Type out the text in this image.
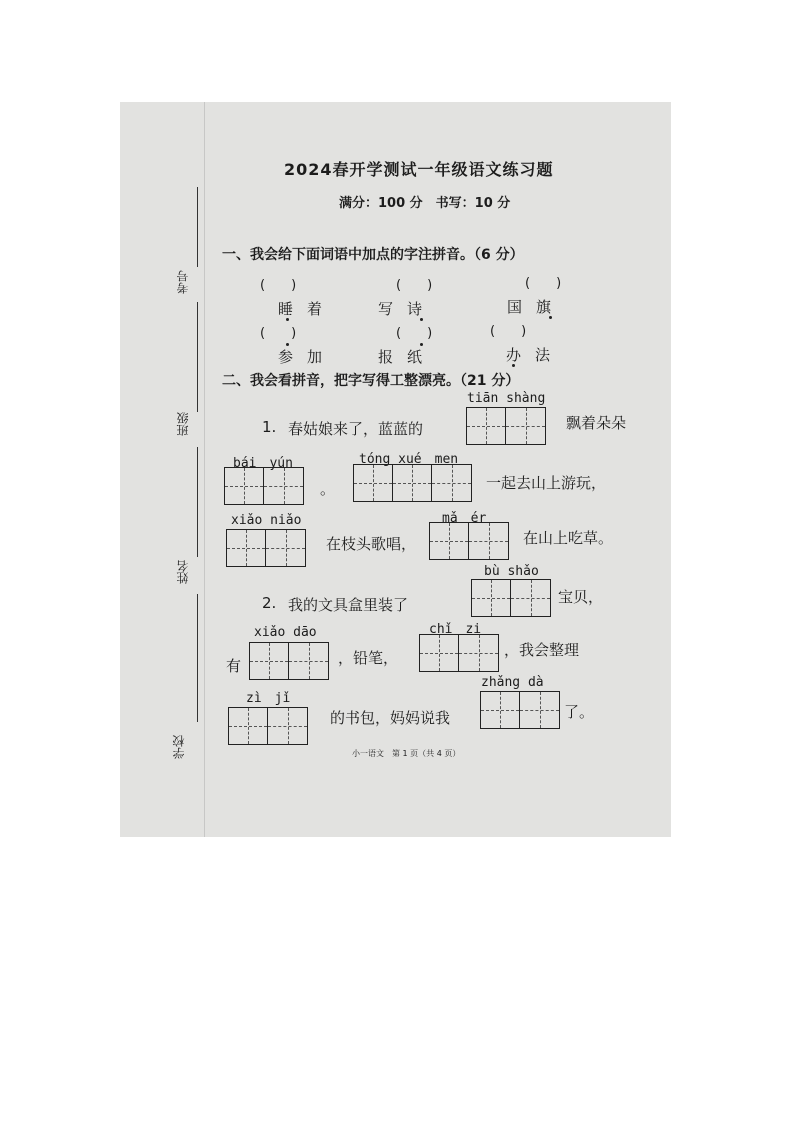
考号
班级
姓名
学校
2024春开学测试一年级语文练习题
满分：100 分　书写：10 分
一、我会给下面词语中加点的字注拼音。（6 分）
(　　)	(　　)	(　　)
睡着	写诗	国旗
(　　)	(　　)	(　　)
参加	报纸	办法
二、我会看拼音，把字写得工整漂亮。（21 分）
tiān shàng
1. 春姑娘来了，蓝蓝的	飘着朵朵
bái　yún
。
tóng xué　men
一起去山上游玩，
xiǎo niǎo
在枝头歌唱，
mǎ　ér
在山上吃草。
bù shǎo
2. 我的文具盒里装了	宝贝，
有
xiǎo dāo
，铅笔，
chǐ　zi
，我会整理
zì　jǐ
的书包，妈妈说我
zhǎng dà
了。
小一语文　第 1 页（共 4 页）
